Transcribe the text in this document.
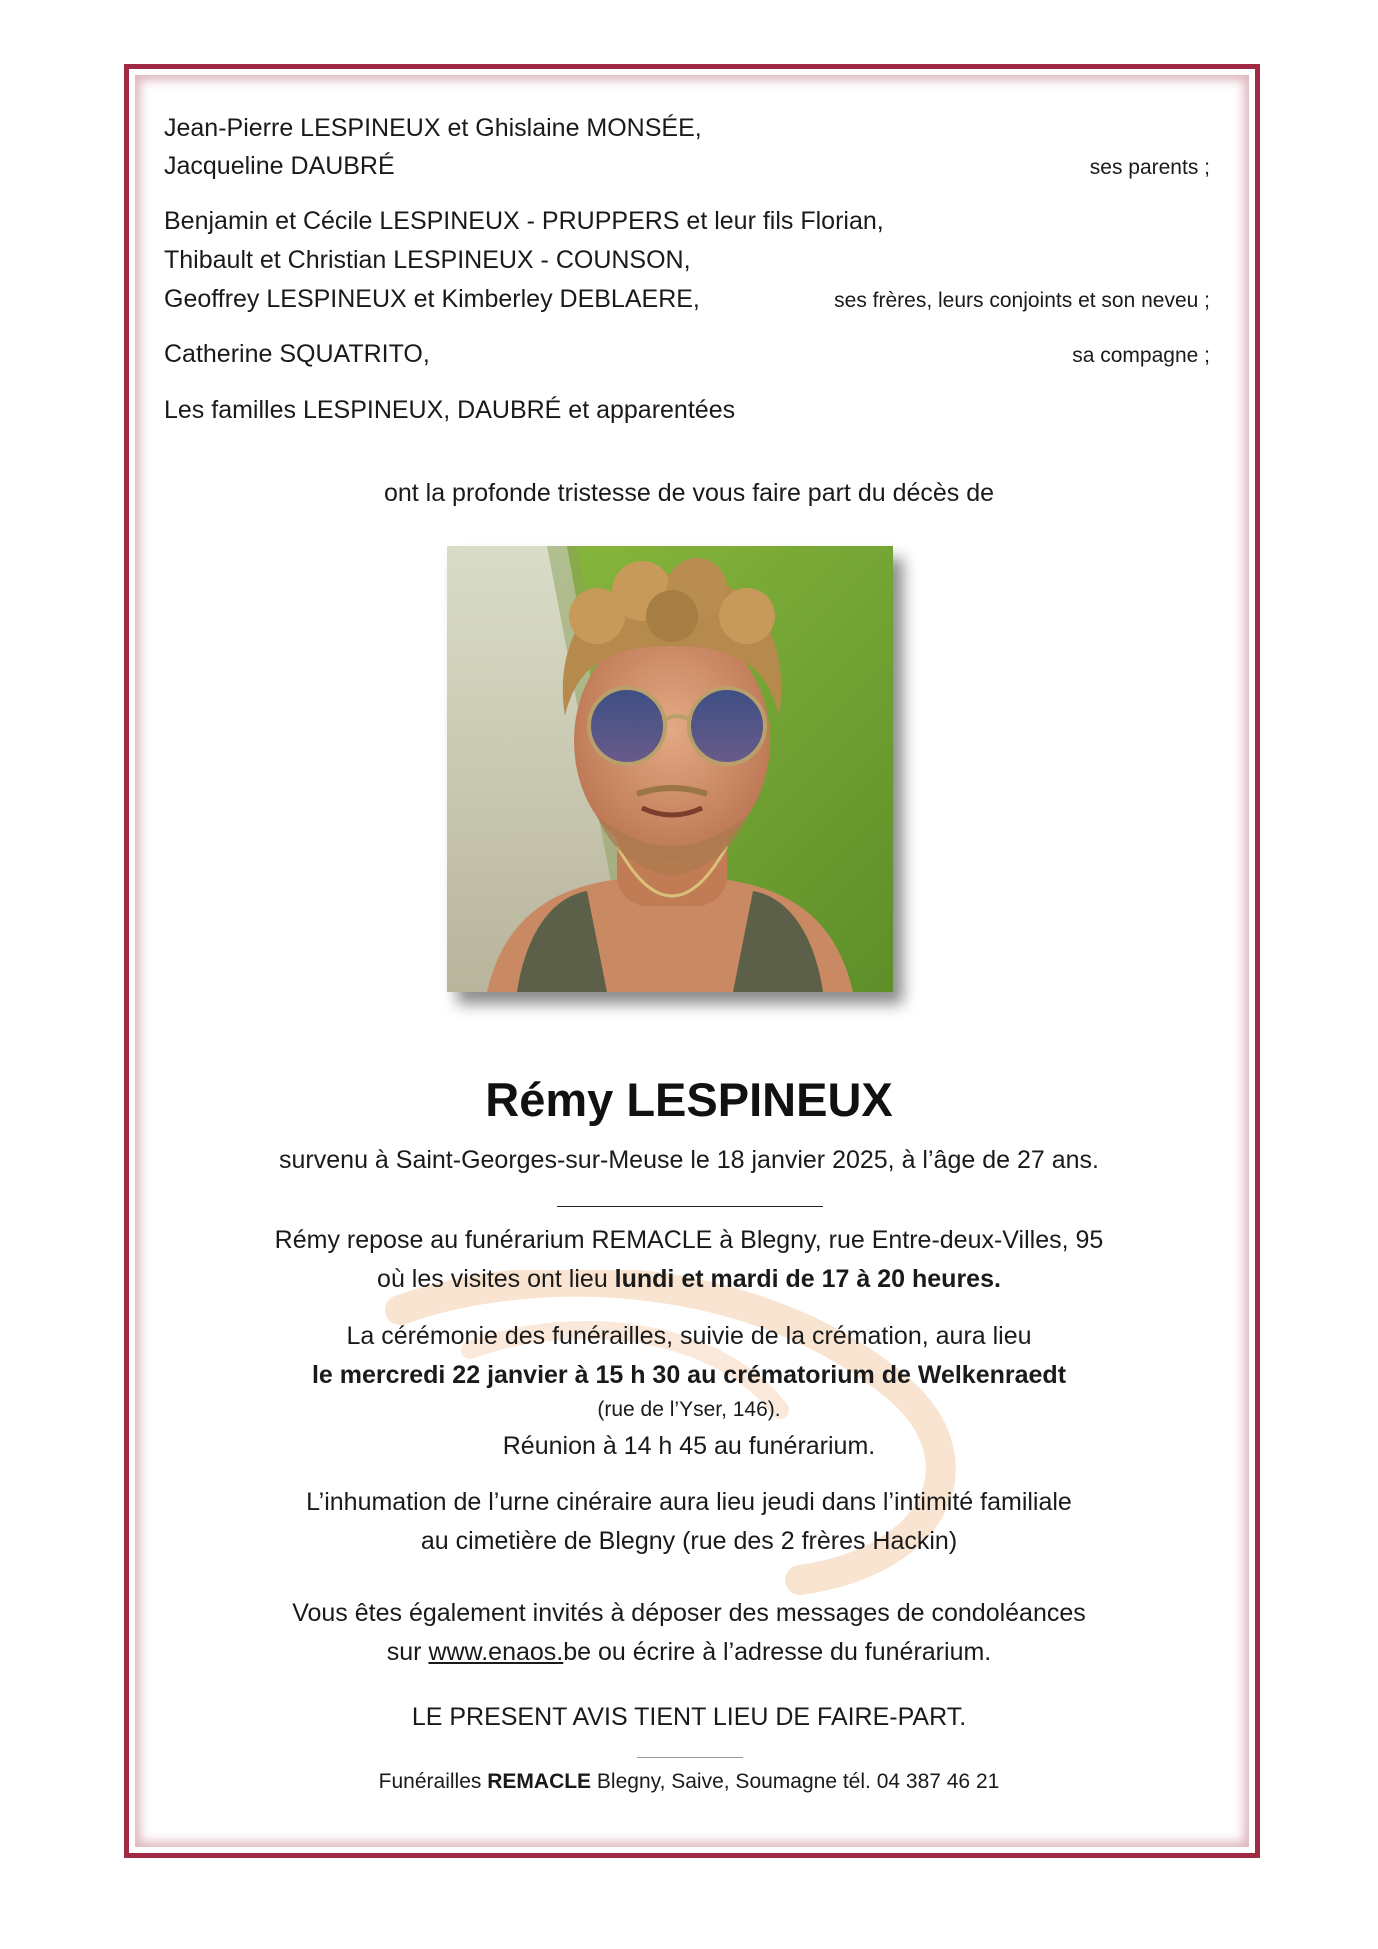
Jean-Pierre LESPINEUX et Ghislaine MONSÉE,

Jacqueline DAUBRÉ	ses parents ;

Benjamin et Cécile LESPINEUX - PRUPPERS et leur fils Florian,

Thibault et Christian LESPINEUX - COUNSON,

Geoffrey LESPINEUX et Kimberley DEBLAERE,	ses frères, leurs conjoints et son neveu ;

Catherine SQUATRITO,	sa compagne ;

Les familles LESPINEUX, DAUBRÉ et apparentées

ont la profonde tristesse de vous faire part du décès de

Rémy LESPINEUX

survenu à Saint-Georges-sur-Meuse le 18 janvier 2025, à l’âge de 27 ans.

Rémy repose au funérarium REMACLE à Blegny, rue Entre-deux-Villes, 95

où les visites ont lieu lundi et mardi de 17 à 20 heures.

La cérémonie des funérailles, suivie de la crémation, aura lieu

le mercredi 22 janvier à 15 h 30 au crématorium de Welkenraedt

(rue de l’Yser, 146).

Réunion à 14 h 45 au funérarium.

L’inhumation de l’urne cinéraire aura lieu jeudi dans l’intimité familiale

au cimetière de Blegny (rue des 2 frères Hackin)

Vous êtes également invités à déposer des messages de condoléances

sur www.enaos.be ou écrire à l’adresse du funérarium.

LE PRESENT AVIS TIENT LIEU DE FAIRE-PART.

Funérailles REMACLE Blegny, Saive, Soumagne tél. 04 387 46 21
